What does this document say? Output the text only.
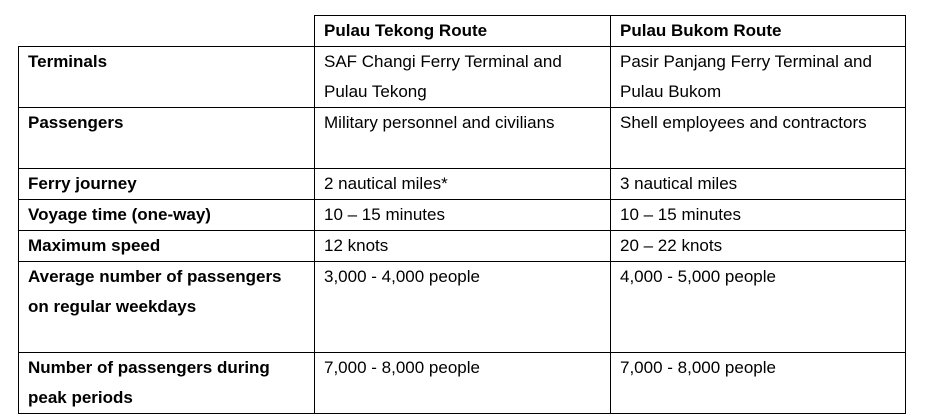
	Pulau Tekong Route	Pulau Bukom Route
Terminals	SAF Changi Ferry Terminal and Pulau Tekong	Pasir Panjang Ferry Terminal and Pulau Bukom
Passengers	Military personnel and civilians	Shell employees and contractors
Ferry journey	2 nautical miles*	3 nautical miles
Voyage time (one-way)	10 – 15 minutes	10 – 15 minutes
Maximum speed	12 knots	20 – 22 knots
Average number of passengers on regular weekdays	3,000 - 4,000 people	4,000 - 5,000 people
Number of passengers during peak periods	7,000 - 8,000 people	7,000 - 8,000 people
